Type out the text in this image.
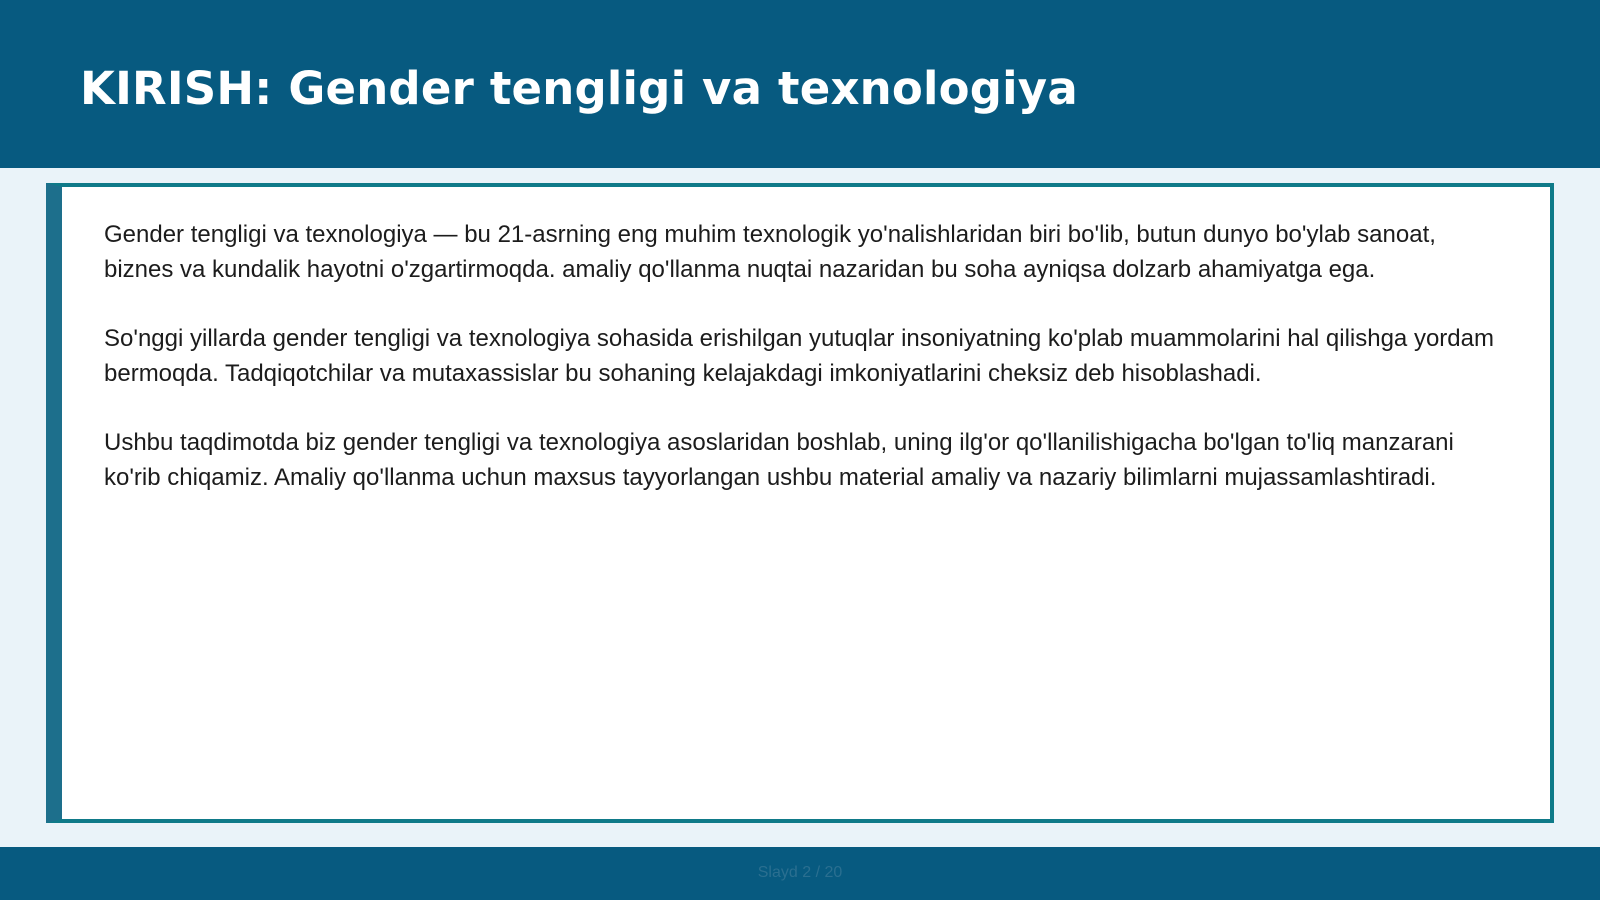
KIRISH: Gender tengligi va texnologiya

Gender tengligi va texnologiya — bu 21-asrning eng muhim texnologik yo'nalishlaridan biri bo'lib, butun dunyo bo'ylab sanoat, biznes va kundalik hayotni o'zgartirmoqda. amaliy qo'llanma nuqtai nazaridan bu soha ayniqsa dolzarb ahamiyatga ega.

So'nggi yillarda gender tengligi va texnologiya sohasida erishilgan yutuqlar insoniyatning ko'plab muammolarini hal qilishga yordam bermoqda. Tadqiqotchilar va mutaxassislar bu sohaning kelajakdagi imkoniyatlarini cheksiz deb hisoblashadi.

Ushbu taqdimotda biz gender tengligi va texnologiya asoslaridan boshlab, uning ilg'or qo'llanilishigacha bo'lgan to'liq manzarani ko'rib chiqamiz. Amaliy qo'llanma uchun maxsus tayyorlangan ushbu material amaliy va nazariy bilimlarni mujassamlashtiradi.

Slayd 2 / 20
